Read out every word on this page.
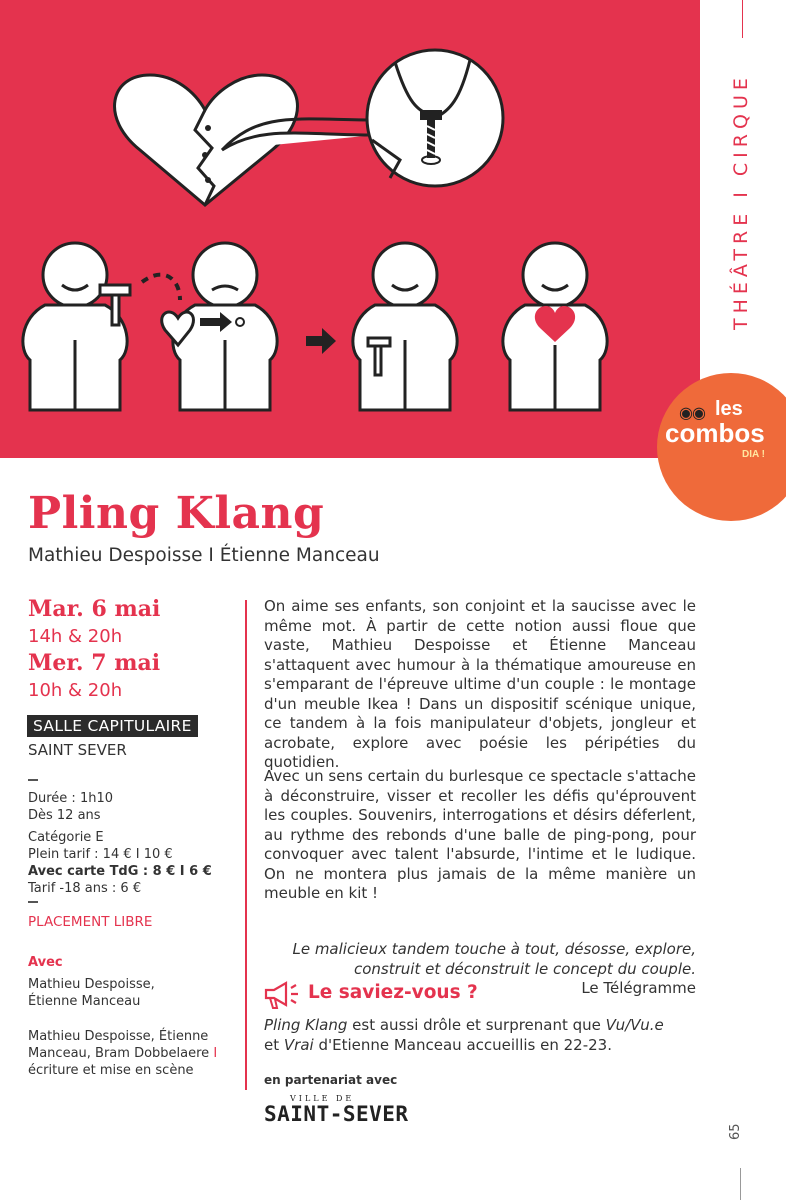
THÉÂTRE I CIRQUE
◉◉ les
combos
DIA !
Pling Klang
Mathieu Despoisse I Étienne Manceau
Mar. 6 mai
14h & 20h
Mer. 7 mai
10h & 20h
SALLE CAPITULAIRE
SAINT SEVER
Durée : 1h10
Dès 12 ans
Catégorie E
Plein tarif : 14 € I 10 €
Avec carte TdG : 8 € I 6 €
Tarif -18 ans : 6 €
PLACEMENT LIBRE
Avec
Mathieu Despoisse,
Étienne Manceau
Mathieu Despoisse, Étienne
Manceau, Bram Dobbelaere I
écriture et mise en scène
On aime ses enfants, son conjoint et la saucisse avec le même mot. À partir de cette notion aussi floue que vaste, Mathieu Despoisse et Étienne Manceau s'attaquent avec humour à la thématique amoureuse en s'emparant de l'épreuve ultime d'un couple : le montage d'un meuble Ikea ! Dans un dispositif scénique unique, ce tandem à la fois manipulateur d'objets, jongleur et acrobate, explore avec poésie les péripéties du quotidien.
Avec un sens certain du burlesque ce spectacle s'attache à déconstruire, visser et recoller les défis qu'éprouvent les couples. Souvenirs, interrogations et désirs déferlent, au rythme des rebonds d'une balle de ping-pong, pour convoquer avec talent l'absurde, l'intime et le ludique. On ne montera plus jamais de la même manière un meuble en kit !
Le malicieux tandem touche à tout, désosse, explore,
construit et déconstruit le concept du couple.
Le Télégramme
Le saviez-vous ?
Pling Klang est aussi drôle et surprenant que Vu/Vu.e
et Vrai d'Etienne Manceau accueillis en 22-23.
en partenariat avec
VILLE DE
SAINT-SEVER
65
